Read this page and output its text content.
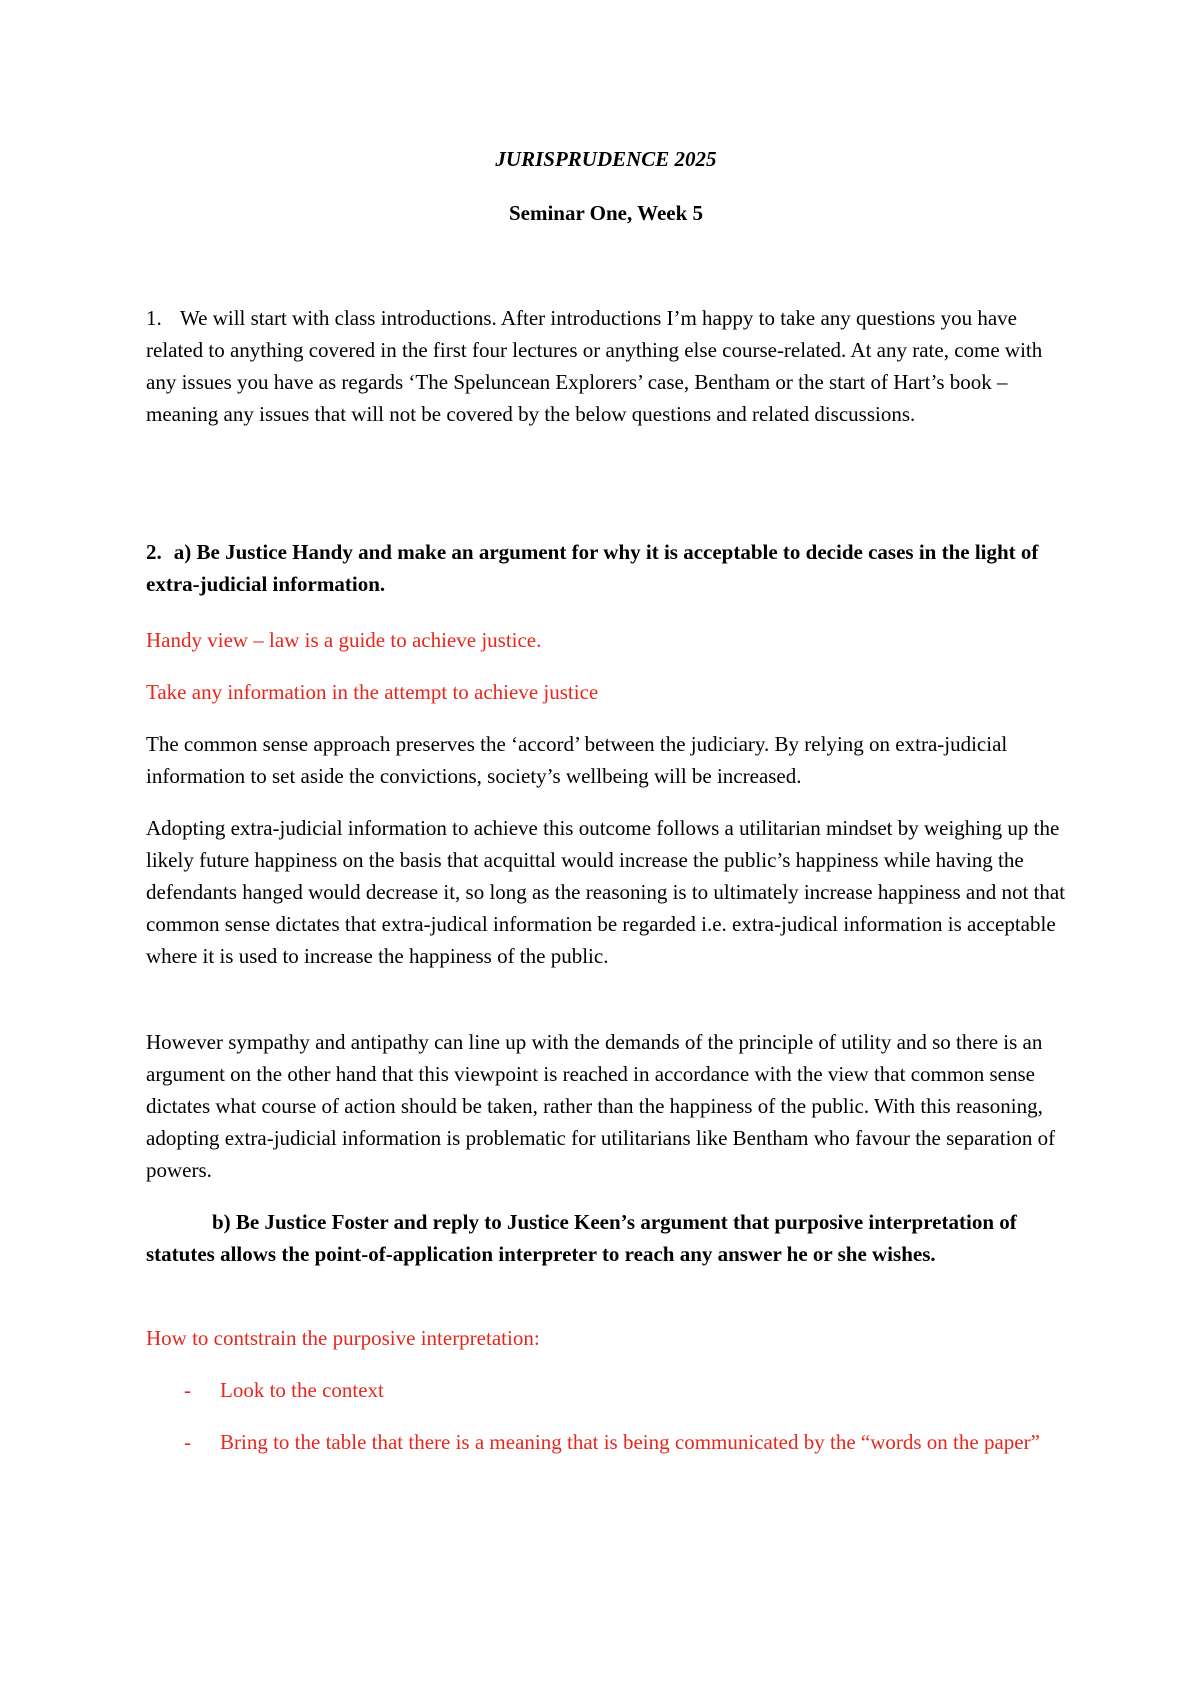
JURISPRUDENCE 2025
Seminar One, Week 5
1. We will start with class introductions. After introductions I’m happy to take any questions you have related to anything covered in the first four lectures or anything else course-related. At any rate, come with any issues you have as regards ‘The Speluncean Explorers’ case, Bentham or the start of Hart’s book – meaning any issues that will not be covered by the below questions and related discussions.
2. a) Be Justice Handy and make an argument for why it is acceptable to decide cases in the light of extra-judicial information.
Handy view – law is a guide to achieve justice.
Take any information in the attempt to achieve justice
The common sense approach preserves the ‘accord’ between the judiciary. By relying on extra-judicial information to set aside the convictions, society’s wellbeing will be increased.
Adopting extra-judicial information to achieve this outcome follows a utilitarian mindset by weighing up the likely future happiness on the basis that acquittal would increase the public’s happiness while having the defendants hanged would decrease it, so long as the reasoning is to ultimately increase happiness and not that common sense dictates that extra-judical information be regarded i.e. extra-judical information is acceptable where it is used to increase the happiness of the public.
However sympathy and antipathy can line up with the demands of the principle of utility and so there is an argument on the other hand that this viewpoint is reached in accordance with the view that common sense dictates what course of action should be taken, rather than the happiness of the public. With this reasoning, adopting extra-judicial information is problematic for utilitarians like Bentham who favour the separation of powers.
b) Be Justice Foster and reply to Justice Keen’s argument that purposive interpretation of statutes allows the point-of-application interpreter to reach any answer he or she wishes.
How to contstrain the purposive interpretation:
- Look to the context
- Bring to the table that there is a meaning that is being communicated by the “words on the paper”
